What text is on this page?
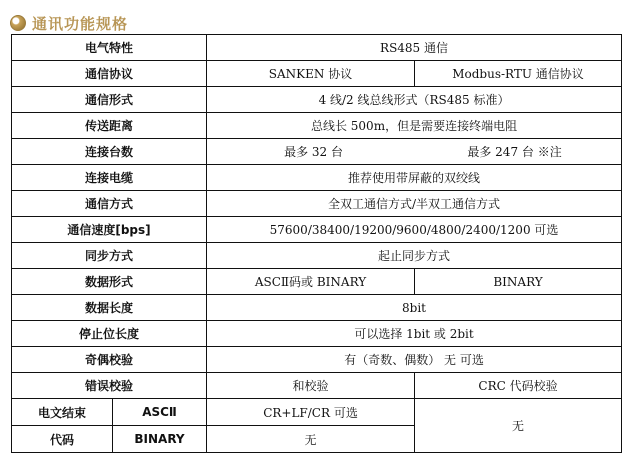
通讯功能规格
电气特性		RS485 通信	
通信协议		SANKEN 协议	Modbus-RTU 通信协议
通信形式		4 线/2 线总线形式（RS485 标准）	
传送距离		总线长 500m，但是需要连接终端电阻	
连接台数		最多 32 台 最多 247 台 ※注	

连接电缆		推荐使用带屏蔽的双绞线	
通信方式		全双工通信方式/半双工通信方式	
通信速度[bps]		57600/38400/19200/9600/4800/2400/1200 可选	
同步方式		起止同步方式	
数据形式		ASCⅡ码或 BINARY	BINARY
数据长度		8bit	
停止位长度		可以选择 1bit 或 2bit	
奇偶校验		有（奇数、偶数） 无 可选	
错误校验		和校验	CRC 代码校验
电文结束	ASCⅡ	CR+LF/CR 可选	无
代码	BINARY	无	
